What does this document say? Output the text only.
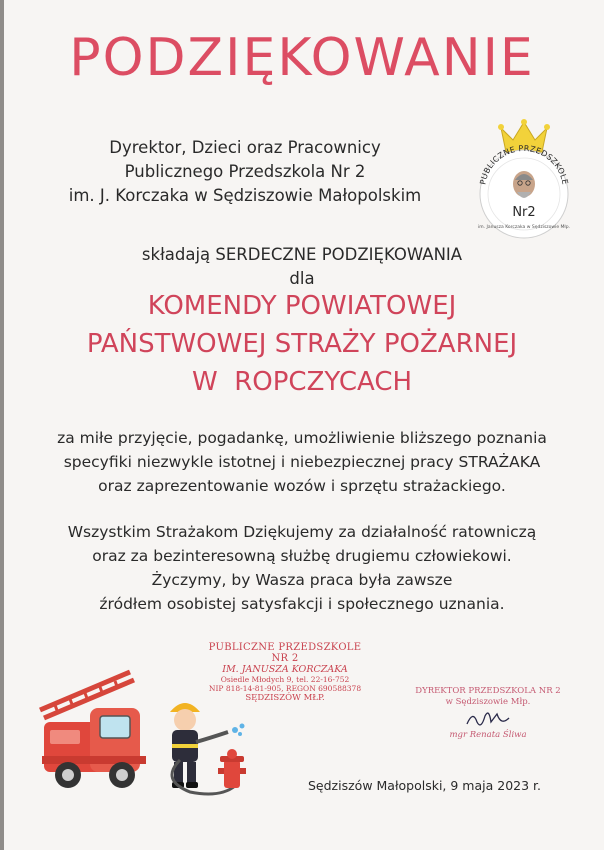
PODZIĘKOWANIE
Dyrektor, Dzieci oraz Pracownicy
Publicznego Przedszkola Nr 2
im. J. Korczaka w Sędziszowie Małopolskim
PUBLICZNE PRZEDSZKOLE
Nr2
im. Janusza Korczaka w Sędziszowie Młp.
składają SERDECZNE PODZIĘKOWANIA
dla
KOMENDY POWIATOWEJ
PAŃSTWOWEJ STRAŻY POŻARNEJ
W  ROPCZYCACH
za miłe przyjęcie, pogadankę, umożliwienie bliższego poznania
specyfiki niezwykle istotnej i niebezpiecznej pracy STRAŻAKA
oraz zaprezentowanie wozów i sprzętu strażackiego.
Wszystkim Strażakom Dziękujemy za działalność ratowniczą
oraz za bezinteresowną służbę drugiemu człowiekowi.
Życzymy, by Wasza praca była zawsze
źródłem osobistej satysfakcji i społecznego uznania.
PUBLICZNE PRZEDSZKOLE NR 2
IM. JANUSZA KORCZAKA
Osiedle Młodych 9, tel. 22-16-752
NIP 818-14-81-905, REGON 690588378
SĘDZISZÓW MŁP.
DYREKTOR PRZEDSZKOLA NR 2
w Sędziszowie Młp.
mgr Renata Śliwa
Sędziszów Małopolski, 9 maja 2023 r.
